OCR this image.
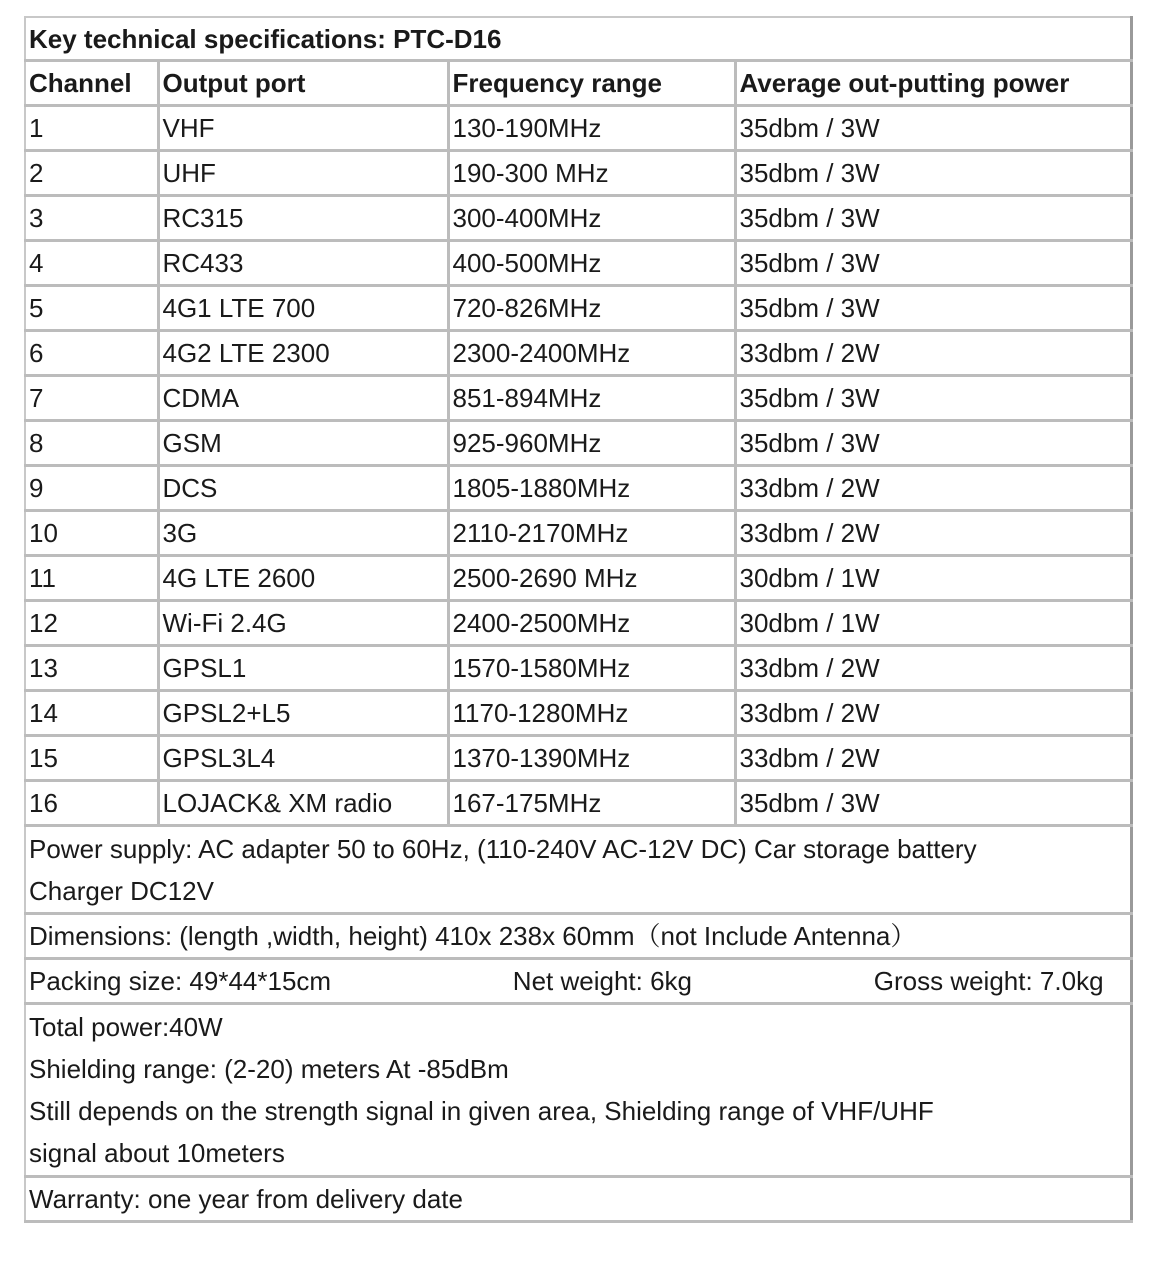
Key technical specifications: PTC-D16			
Channel	Output port	Frequency range	Average out-putting power
1	VHF	130-190MHz	35dbm / 3W
2	UHF	190-300 MHz	35dbm / 3W
3	RC315	300-400MHz	35dbm / 3W
4	RC433	400-500MHz	35dbm / 3W
5	4G1 LTE 700	720-826MHz	35dbm / 3W
6	4G2 LTE 2300	2300-2400MHz	33dbm / 2W
7	CDMA	851-894MHz	35dbm / 3W
8	GSM	925-960MHz	35dbm / 3W
9	DCS	1805-1880MHz	33dbm / 2W
10	3G	2110-2170MHz	33dbm / 2W
11	4G LTE 2600	2500-2690 MHz	30dbm / 1W
12	Wi-Fi 2.4G	2400-2500MHz	30dbm / 1W
13	GPSL1	1570-1580MHz	33dbm / 2W
14	GPSL2+L5	1170-1280MHz	33dbm / 2W
15	GPSL3L4	1370-1390MHz	33dbm / 2W
16	LOJACK& XM radio	167-175MHz	35dbm / 3W

Power supply: AC adapter 50 to 60Hz, (110-240V AC-12V DC) Car storage battery
Charger DC12V			

Dimensions: (length ,width, height) 410x 238x 60mm（not Include Antenna）			

Packing size: 49*44*15cm Net weight: 6kg Gross weight: 7.0kg			

Total power:40W
Shielding range: (2-20) meters At -85dBm
Still depends on the strength signal in given area, Shielding range of VHF/UHF
signal about 10meters			

Warranty: one year from delivery date			
